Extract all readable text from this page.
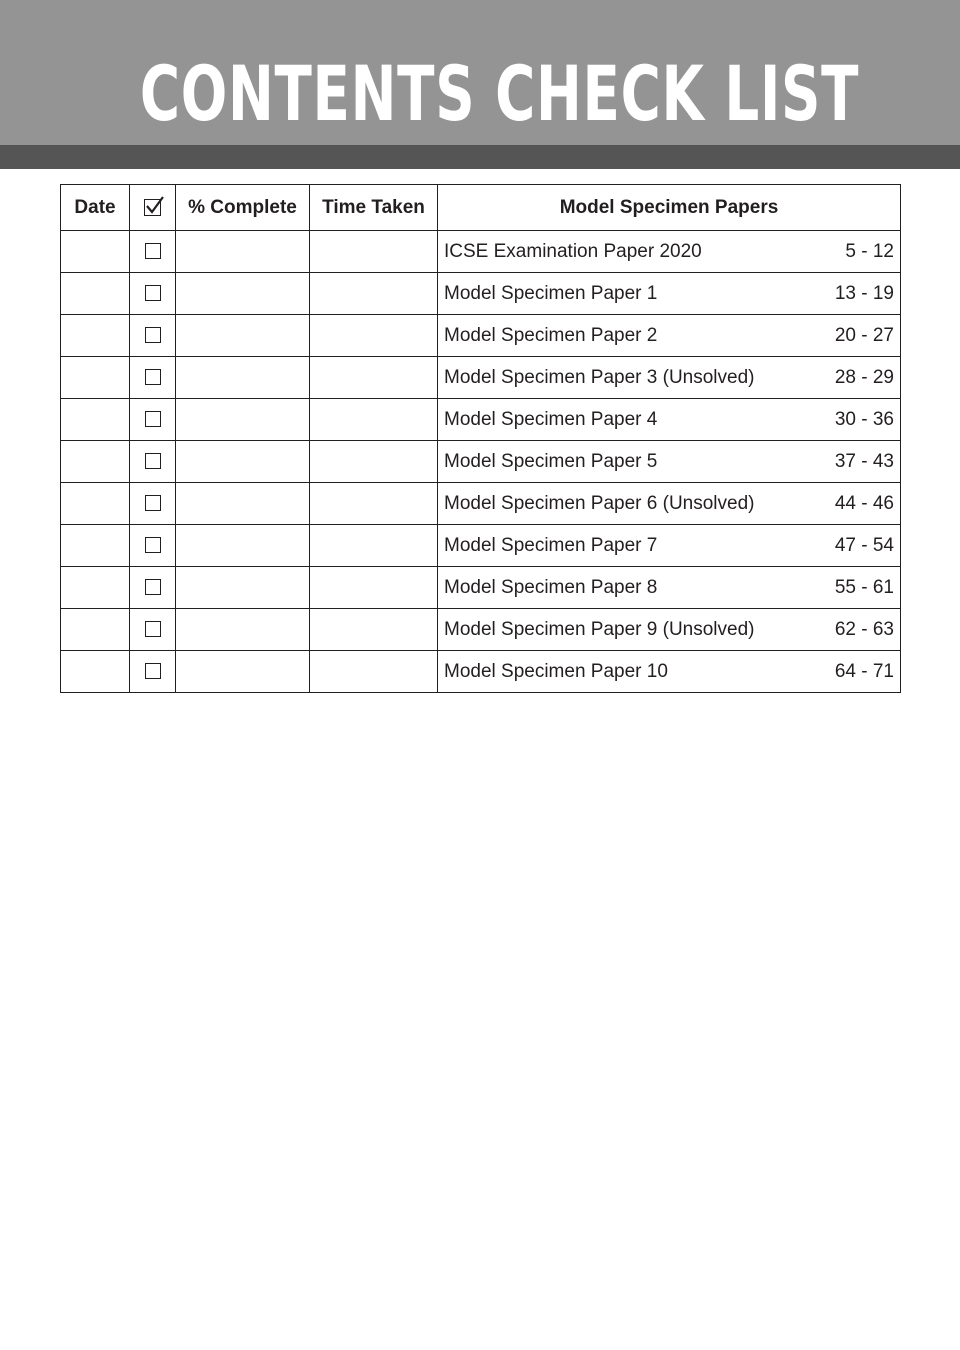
CONTENTS CHECK LIST
Date		% Complete	Time Taken	Model Specimen Papers

				ICSE Examination Paper 2020 5 - 12

				Model Specimen Paper 1 13 - 19

				Model Specimen Paper 2 20 - 27

				Model Specimen Paper 3 (Unsolved) 28 - 29

				Model Specimen Paper 4 30 - 36

				Model Specimen Paper 5 37 - 43

				Model Specimen Paper 6 (Unsolved) 44 - 46

				Model Specimen Paper 7 47 - 54

				Model Specimen Paper 8 55 - 61

				Model Specimen Paper 9 (Unsolved) 62 - 63

				Model Specimen Paper 10 64 - 71
